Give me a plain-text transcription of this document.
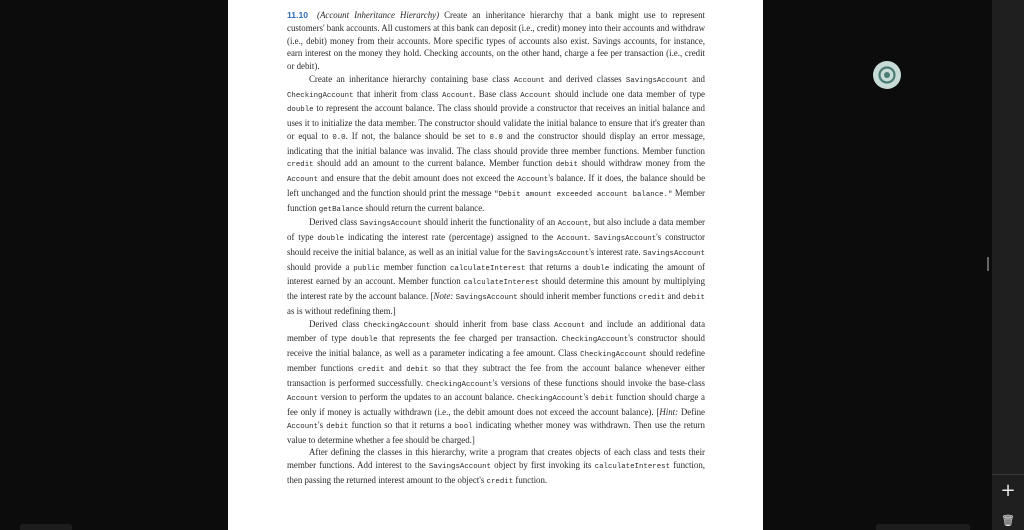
11.10 (Account Inheritance Hierarchy) Create an inheritance hierarchy that a bank might use to represent customers' bank accounts. All customers at this bank can deposit (i.e., credit) money into their accounts and withdraw (i.e., debit) money from their accounts. More specific types of accounts also exist. Savings accounts, for instance, earn interest on the money they hold. Checking accounts, on the other hand, charge a fee per transaction (i.e., credit or debit).

Create an inheritance hierarchy containing base class Account and derived classes SavingsAccount and CheckingAccount that inherit from class Account. Base class Account should include one data member of type double to represent the account balance. The class should provide a constructor that receives an initial balance and uses it to initialize the data member. The constructor should validate the initial balance to ensure that it's greater than or equal to 0.0. If not, the balance should be set to 0.0 and the constructor should display an error message, indicating that the initial balance was invalid. The class should provide three member functions. Member function credit should add an amount to the current balance. Member function debit should withdraw money from the Account and ensure that the debit amount does not exceed the Account's balance. If it does, the balance should be left unchanged and the function should print the message "Debit amount exceeded account balance." Member function getBalance should return the current balance.

Derived class SavingsAccount should inherit the functionality of an Account, but also include a data member of type double indicating the interest rate (percentage) assigned to the Account. SavingsAccount's constructor should receive the initial balance, as well as an initial value for the SavingsAccount's interest rate. SavingsAccount should provide a public member function calculateInterest that returns a double indicating the amount of interest earned by an account. Member function calculateInterest should determine this amount by multiplying the interest rate by the account balance. [Note: SavingsAccount should inherit member functions credit and debit as is without redefining them.]

Derived class CheckingAccount should inherit from base class Account and include an additional data member of type double that represents the fee charged per transaction. CheckingAccount's constructor should receive the initial balance, as well as a parameter indicating a fee amount. Class CheckingAccount should redefine member functions credit and debit so that they subtract the fee from the account balance whenever either transaction is performed successfully. CheckingAccount's versions of these functions should invoke the base-class Account version to perform the updates to an account balance. CheckingAccount's debit function should charge a fee only if money is actually withdrawn (i.e., the debit amount does not exceed the account balance). [Hint: Define Account's debit function so that it returns a bool indicating whether money was withdrawn. Then use the return value to determine whether a fee should be charged.]

After defining the classes in this hierarchy, write a program that creates objects of each class and tests their member functions. Add interest to the SavingsAccount object by first invoking its calculateInterest function, then passing the returned interest amount to the object's credit function.	+
🗑
